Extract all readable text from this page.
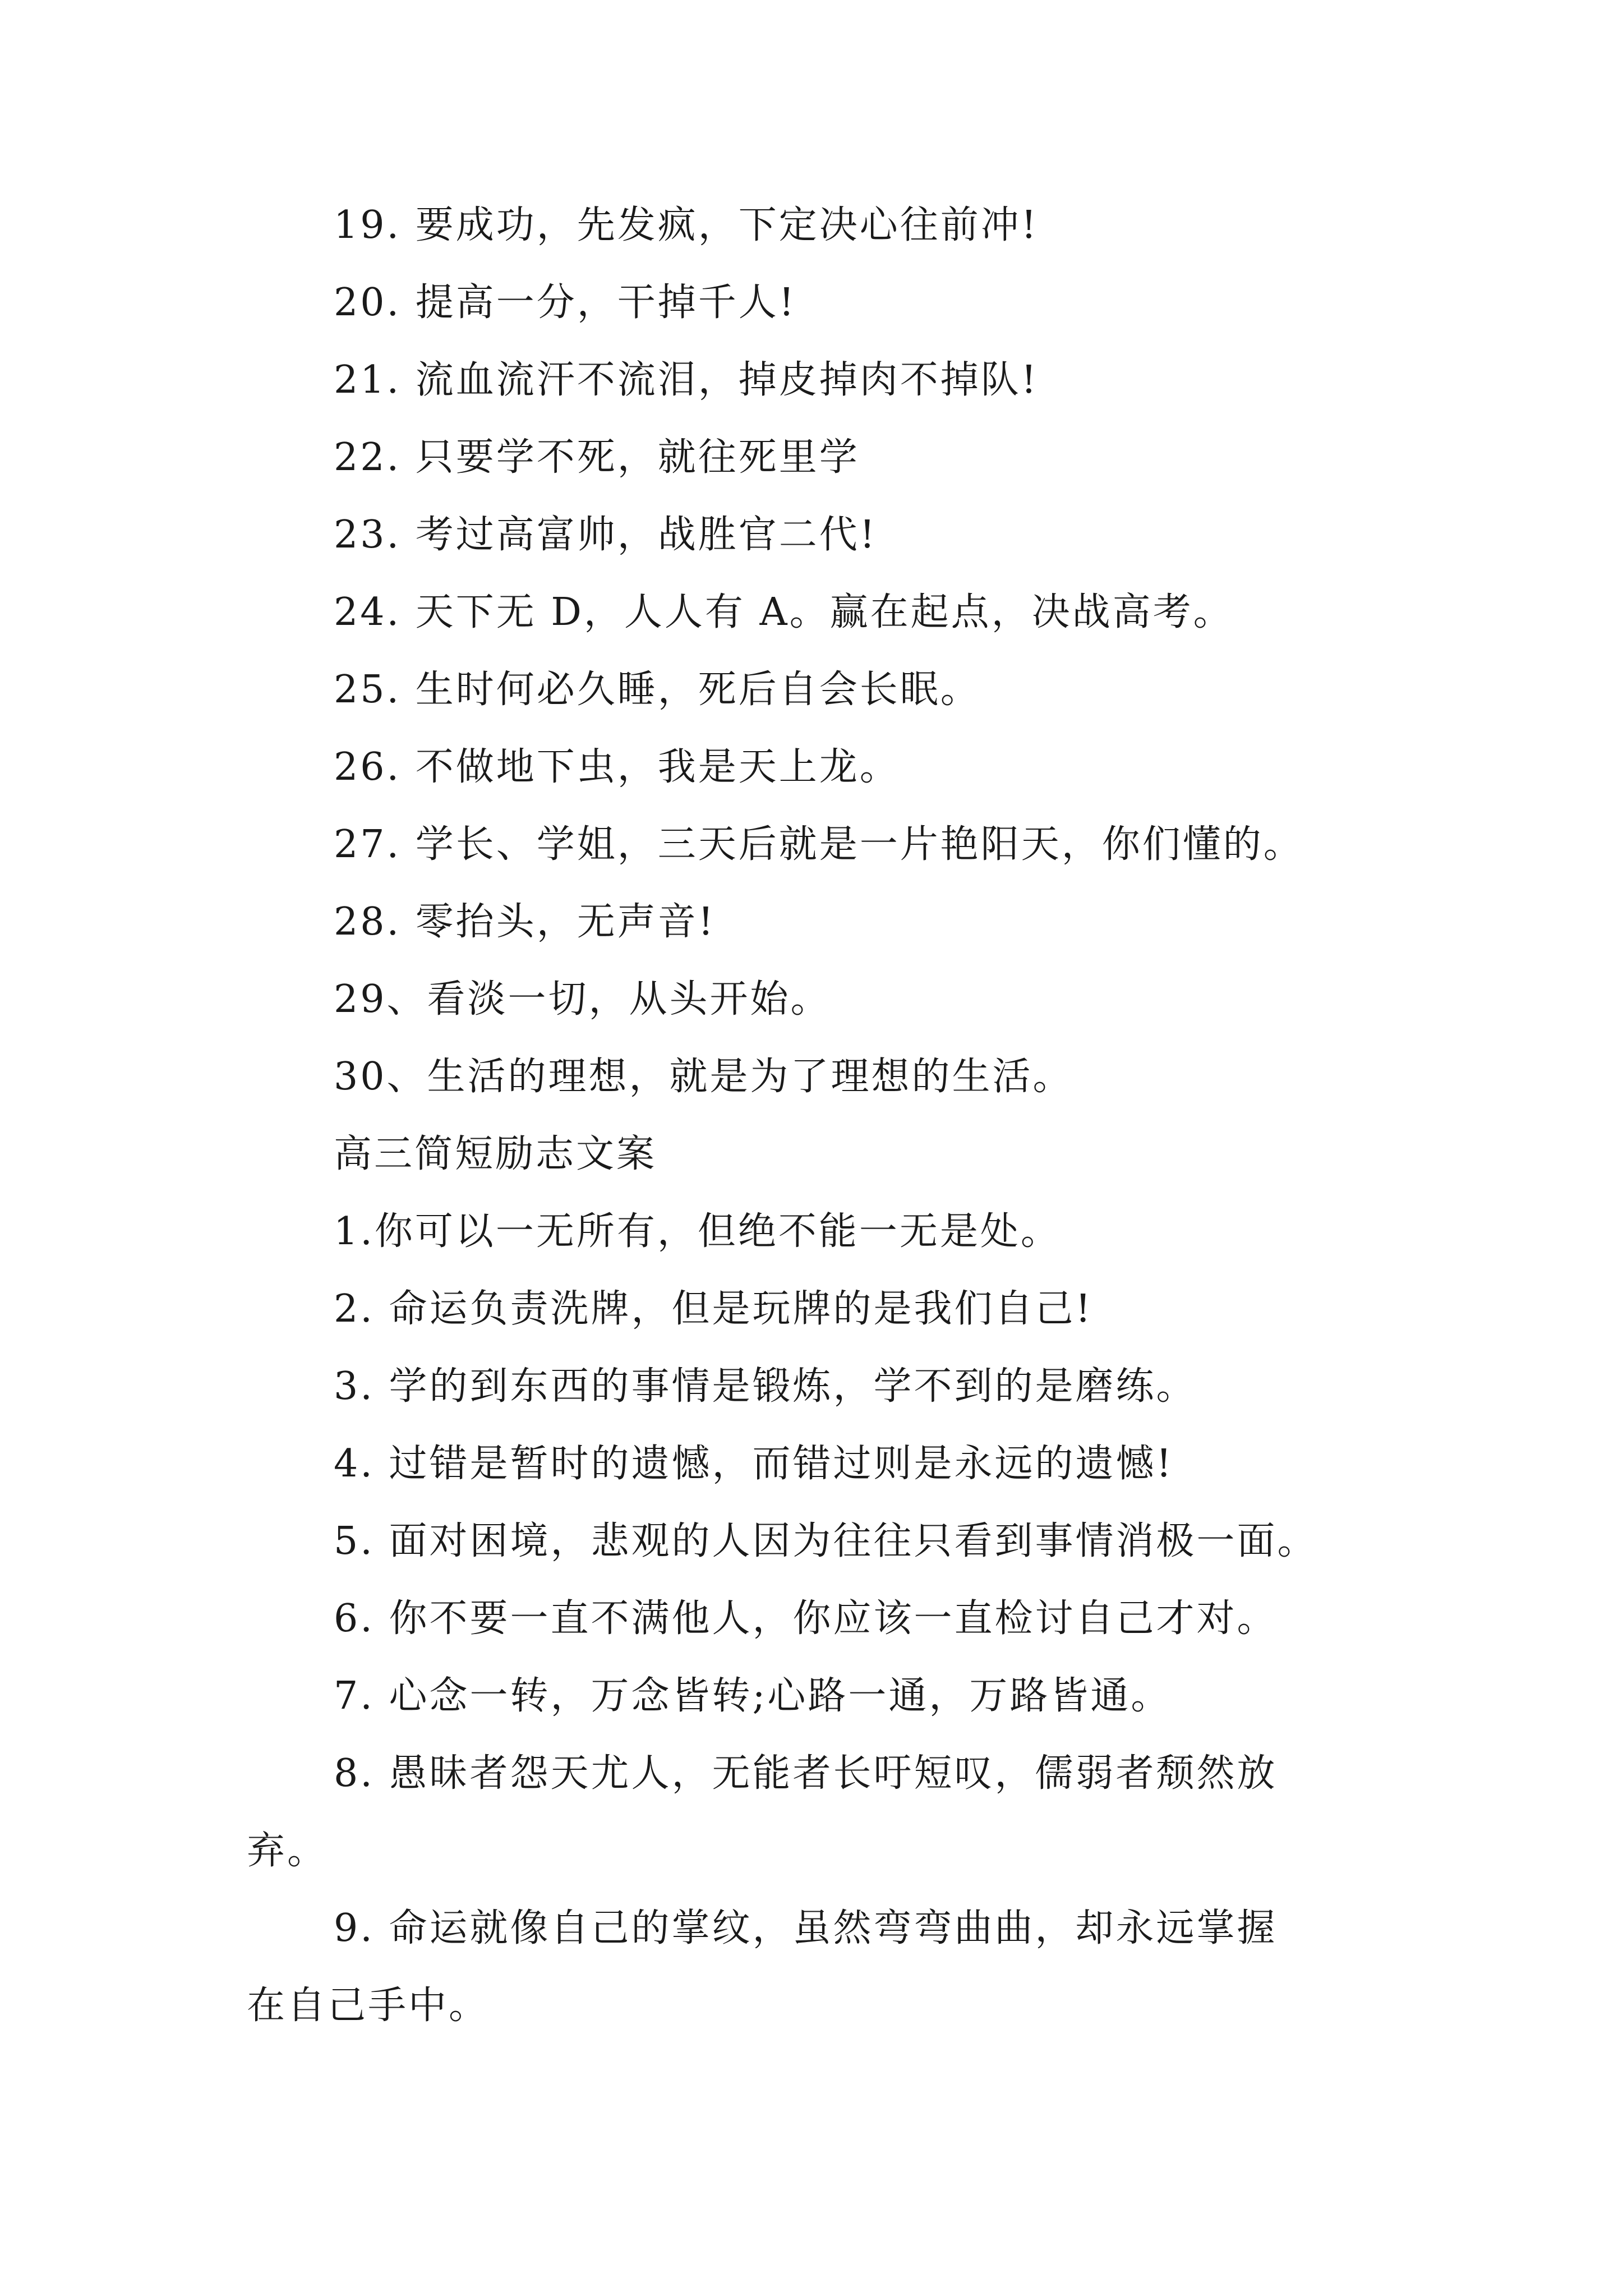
19. 要成功，先发疯，下定决心往前冲!

20. 提高一分，干掉千人!

21. 流血流汗不流泪，掉皮掉肉不掉队!

22. 只要学不死，就往死里学

23. 考过高富帅，战胜官二代!

24. 天下无 D，人人有 A。赢在起点，决战高考。

25. 生时何必久睡，死后自会长眠。

26. 不做地下虫，我是天上龙。

27. 学长、学姐，三天后就是一片艳阳天，你们懂的。

28. 零抬头，无声音!

29、看淡一切，从头开始。

30、生活的理想，就是为了理想的生活。

高三简短励志文案

1.你可以一无所有，但绝不能一无是处。

2. 命运负责洗牌，但是玩牌的是我们自己!

3. 学的到东西的事情是锻炼，学不到的是磨练。

4. 过错是暂时的遗憾，而错过则是永远的遗憾!

5. 面对困境，悲观的人因为往往只看到事情消极一面。

6. 你不要一直不满他人，你应该一直检讨自己才对。

7. 心念一转，万念皆转;心路一通，万路皆通。

8. 愚昧者怨天尤人，无能者长吁短叹，儒弱者颓然放

弃。

9. 命运就像自己的掌纹，虽然弯弯曲曲，却永远掌握

在自己手中。
